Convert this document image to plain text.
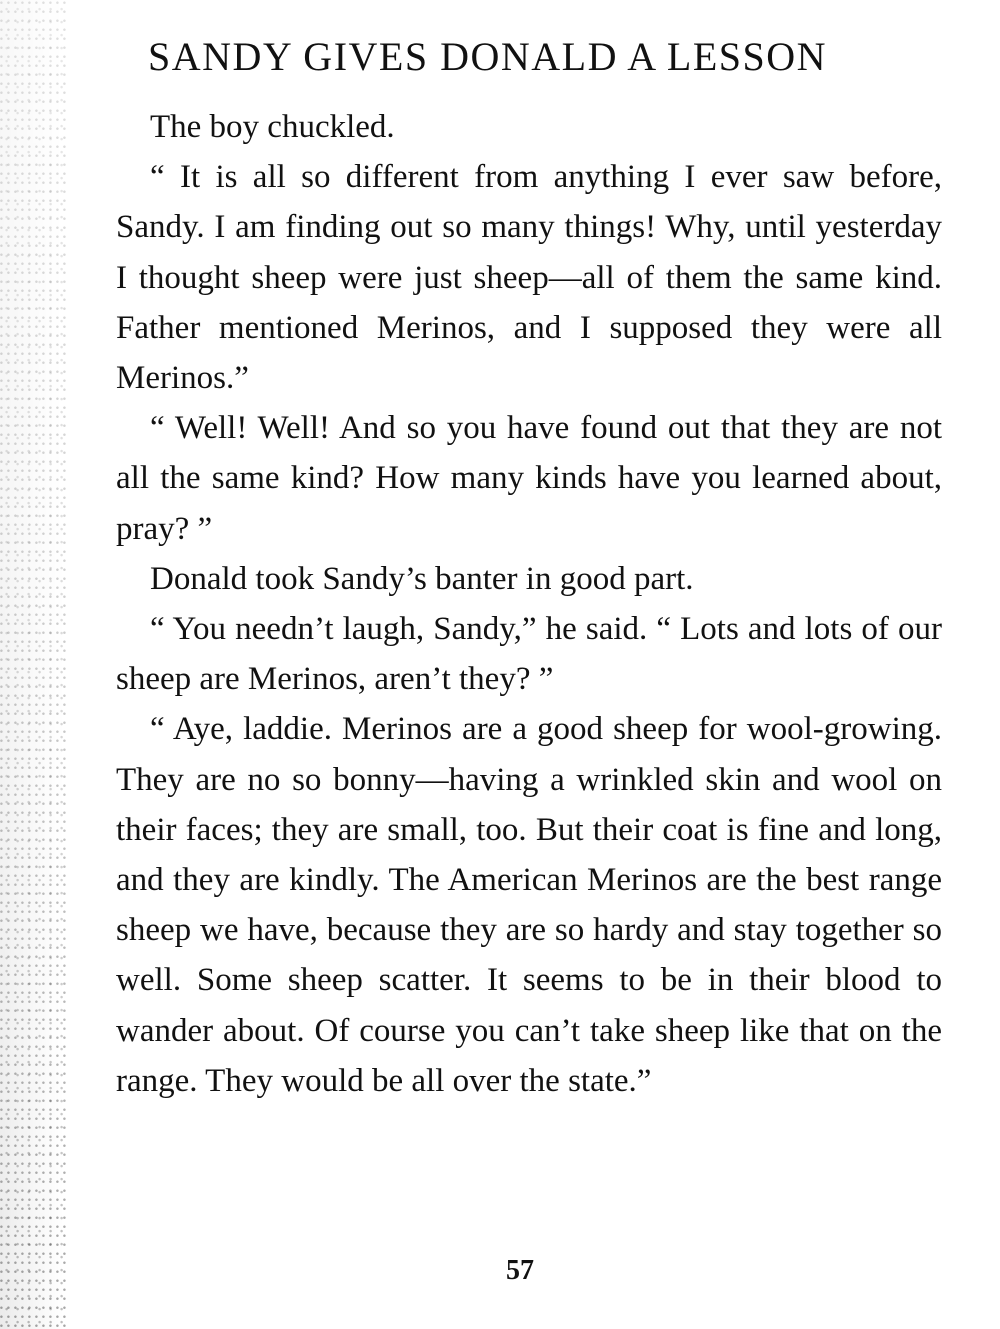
SANDY GIVES DONALD A LESSON

The boy chuckled.

“ It is all so different from anything I ever saw before, Sandy. I am finding out so many things! Why, until yesterday I thought sheep were just sheep—all of them the same kind. Father mentioned Merinos, and I supposed they were all Merinos.”

“ Well! Well! And so you have found out that they are not all the same kind? How many kinds have you learned about, pray? ”

Donald took Sandy’s banter in good part.

“ You needn’t laugh, Sandy,” he said. “ Lots and lots of our sheep are Merinos, aren’t they? ”

“ Aye, laddie. Merinos are a good sheep for wool-growing. They are no so bonny—having a wrinkled skin and wool on their faces; they are small, too. But their coat is fine and long, and they are kindly. The American Merinos are the best range sheep we have, because they are so hardy and stay together so well. Some sheep scatter. It seems to be in their blood to wander about. Of course you can’t take sheep like that on the range. They would be all over the state.”

57
